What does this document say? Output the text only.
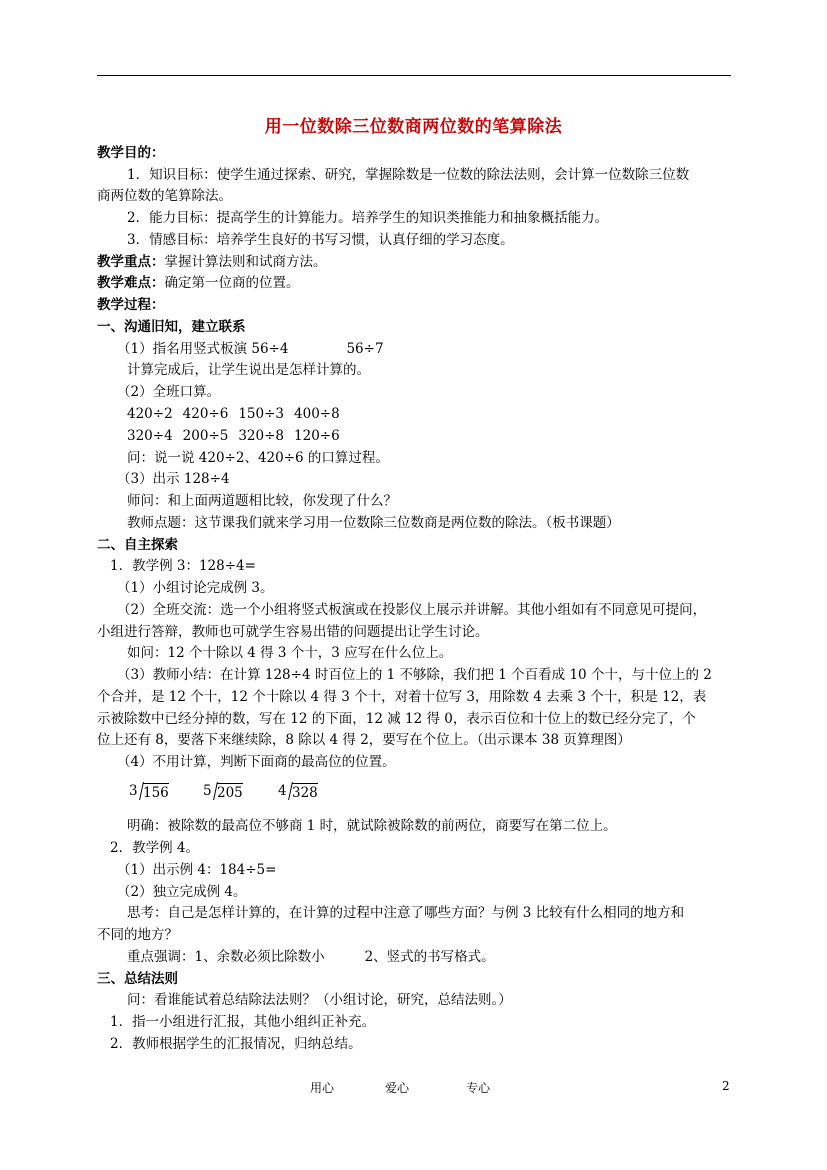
用一位数除三位数商两位数的笔算除法
教学目的：
1．知识目标：使学生通过探索、研究，掌握除数是一位数的除法法则，会计算一位数除三位数
商两位数的笔算除法。
2．能力目标：提高学生的计算能力。培养学生的知识类推能力和抽象概括能力。
3．情感目标：培养学生良好的书写习惯，认真仔细的学习态度。
教学重点：掌握计算法则和试商方法。
教学难点：确定第一位商的位置。
教学过程：
一、沟通旧知，建立联系
（1）指名用竖式板演 56÷4	56÷7
计算完成后，让学生说出是怎样计算的。
（2）全班口算。
420÷2 420÷6 150÷3 400÷8
320÷4 200÷5 320÷8 120÷6
问：说一说 420÷2、420÷6 的口算过程。
（3）出示 128÷4
师问：和上面两道题相比较，你发现了什么？
教师点题：这节课我们就来学习用一位数除三位数商是两位数的除法。（板书课题）
二、自主探索
1．教学例 3：128÷4=
（1）小组讨论完成例 3。
（2）全班交流：选一个小组将竖式板演或在投影仪上展示并讲解。其他小组如有不同意见可提问，
小组进行答辩，教师也可就学生容易出错的问题提出让学生讨论。
如问：12 个十除以 4 得 3 个十，3 应写在什么位上。
（3）教师小结：在计算 128÷4 时百位上的 1 不够除，我们把 1 个百看成 10 个十，与十位上的 2
个合并，是 12 个十，12 个十除以 4 得 3 个十，对着十位写 3，用除数 4 去乘 3 个十，积是 12，表
示被除数中已经分掉的数，写在 12 的下面，12 减 12 得 0，表示百位和十位上的数已经分完了，个
位上还有 8，要落下来继续除，8 除以 4 得 2，要写在个位上。（出示课本 38 页算理图）
（4）不用计算，判断下面商的最高位的位置。
3 156	5 205	4 328
明确：被除数的最高位不够商 1 时，就试除被除数的前两位，商要写在第二位上。
2．教学例 4。
（1）出示例 4：184÷5=
（2）独立完成例 4。
思考：自己是怎样计算的，在计算的过程中注意了哪些方面？与例 3 比较有什么相同的地方和
不同的地方？
重点强调：1、余数必须比除数小	2、竖式的书写格式。
三、总结法则
问：看谁能试着总结除法法则？（小组讨论，研究，总结法则。）
1．指一小组进行汇报，其他小组纠正补充。
2．教师根据学生的汇报情况，归纳总结。
用心	爱心	专心	2
